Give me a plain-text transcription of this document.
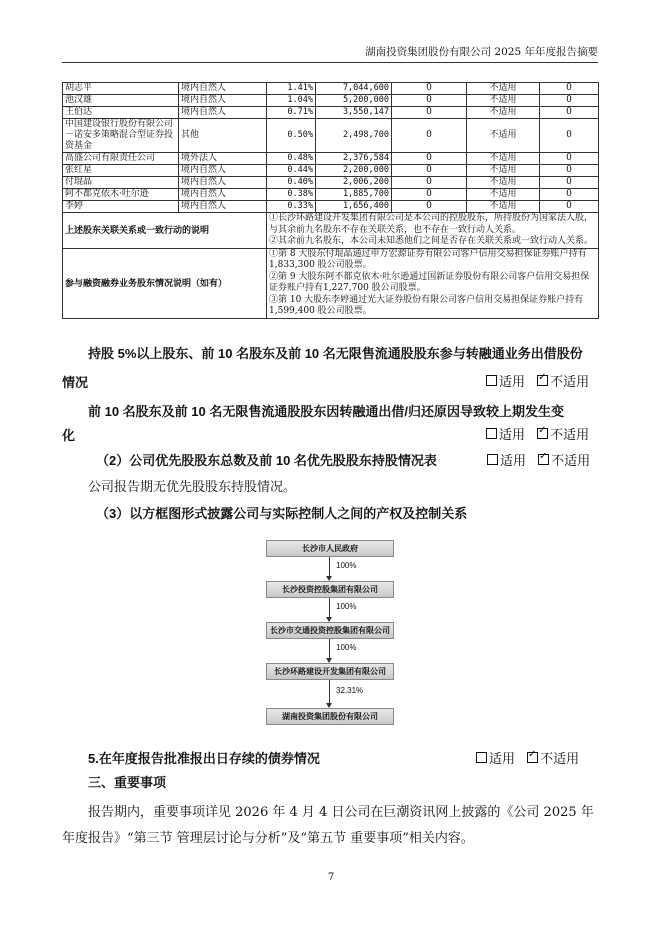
湖南投资集团股份有限公司 2025 年年度报告摘要
胡志平	境内自然人	1.41%	7,044,600	0	不适用	0
池汉雄	境内自然人	1.04%	5,200,000	0	不适用	0
王伯达	境内自然人	0.71%	3,550,147	0	不适用	0
中国建设银行股份有限公司－诺安多策略混合型证券投资基金	其他	0.50%	2,498,700	0	不适用	0
高盛公司有限责任公司	境外法人	0.48%	2,376,584	0	不适用	0
张红星	境内自然人	0.44%	2,200,000	0	不适用	0
付琨晶	境内自然人	0.40%	2,006,200	0	不适用	0
阿不都克依木·吐尔逊	境内自然人	0.38%	1,885,700	0	不适用	0
李婷	境内自然人	0.33%	1,656,400	0	不适用	0
上述股东关联关系或一致行动的说明		①长沙环路建设开发集团有限公司是本公司的控股股东，所持股份为国家法人股，与其余前九名股东不存在关联关系，也不存在一致行动人关系。
②其余前九名股东，本公司未知悉他们之间是否存在关联关系或一致行动人关系。				

参与融资融券业务股东情况说明（如有）		①第 8 大股东付琨晶通过申万宏源证券有限公司客户信用交易担保证券账户持有1,833,300 股公司股票。
②第 9 大股东阿不都克依木·吐尔逊通过国新证券股份有限公司客户信用交易担保证券账户持有1,227,700 股公司股票。
③第 10 大股东李婷通过光大证券股份有限公司客户信用交易担保证券账户持有1,599,400 股公司股票。				
持股 5%以上股东、前 10 名股东及前 10 名无限售流通股股东参与转融通业务出借股份
情况	适用 ✓ 不适用
前 10 名股东及前 10 名无限售流通股股东因转融通出借/归还原因导致较上期发生变
化	适用 ✓ 不适用
（2）公司优先股股东总数及前 10 名优先股股东持股情况表	适用 ✓ 不适用
公司报告期无优先股股东持股情况。
（3）以方框图形式披露公司与实际控制人之间的产权及控制关系
长沙市人民政府
100%
长沙投资控股集团有限公司
100%
长沙市交通投资控股集团有限公司
100%
长沙环路建设开发集团有限公司
32.31%
湖南投资集团股份有限公司
5.在年度报告批准报出日存续的债券情况	适用 ✓ 不适用
三、重要事项
报告期内，重要事项详见 2026 年 4 月 4 日公司在巨潮资讯网上披露的《公司 2025 年
年度报告》“第三节 管理层讨论与分析”及“第五节 重要事项”相关内容。
7
